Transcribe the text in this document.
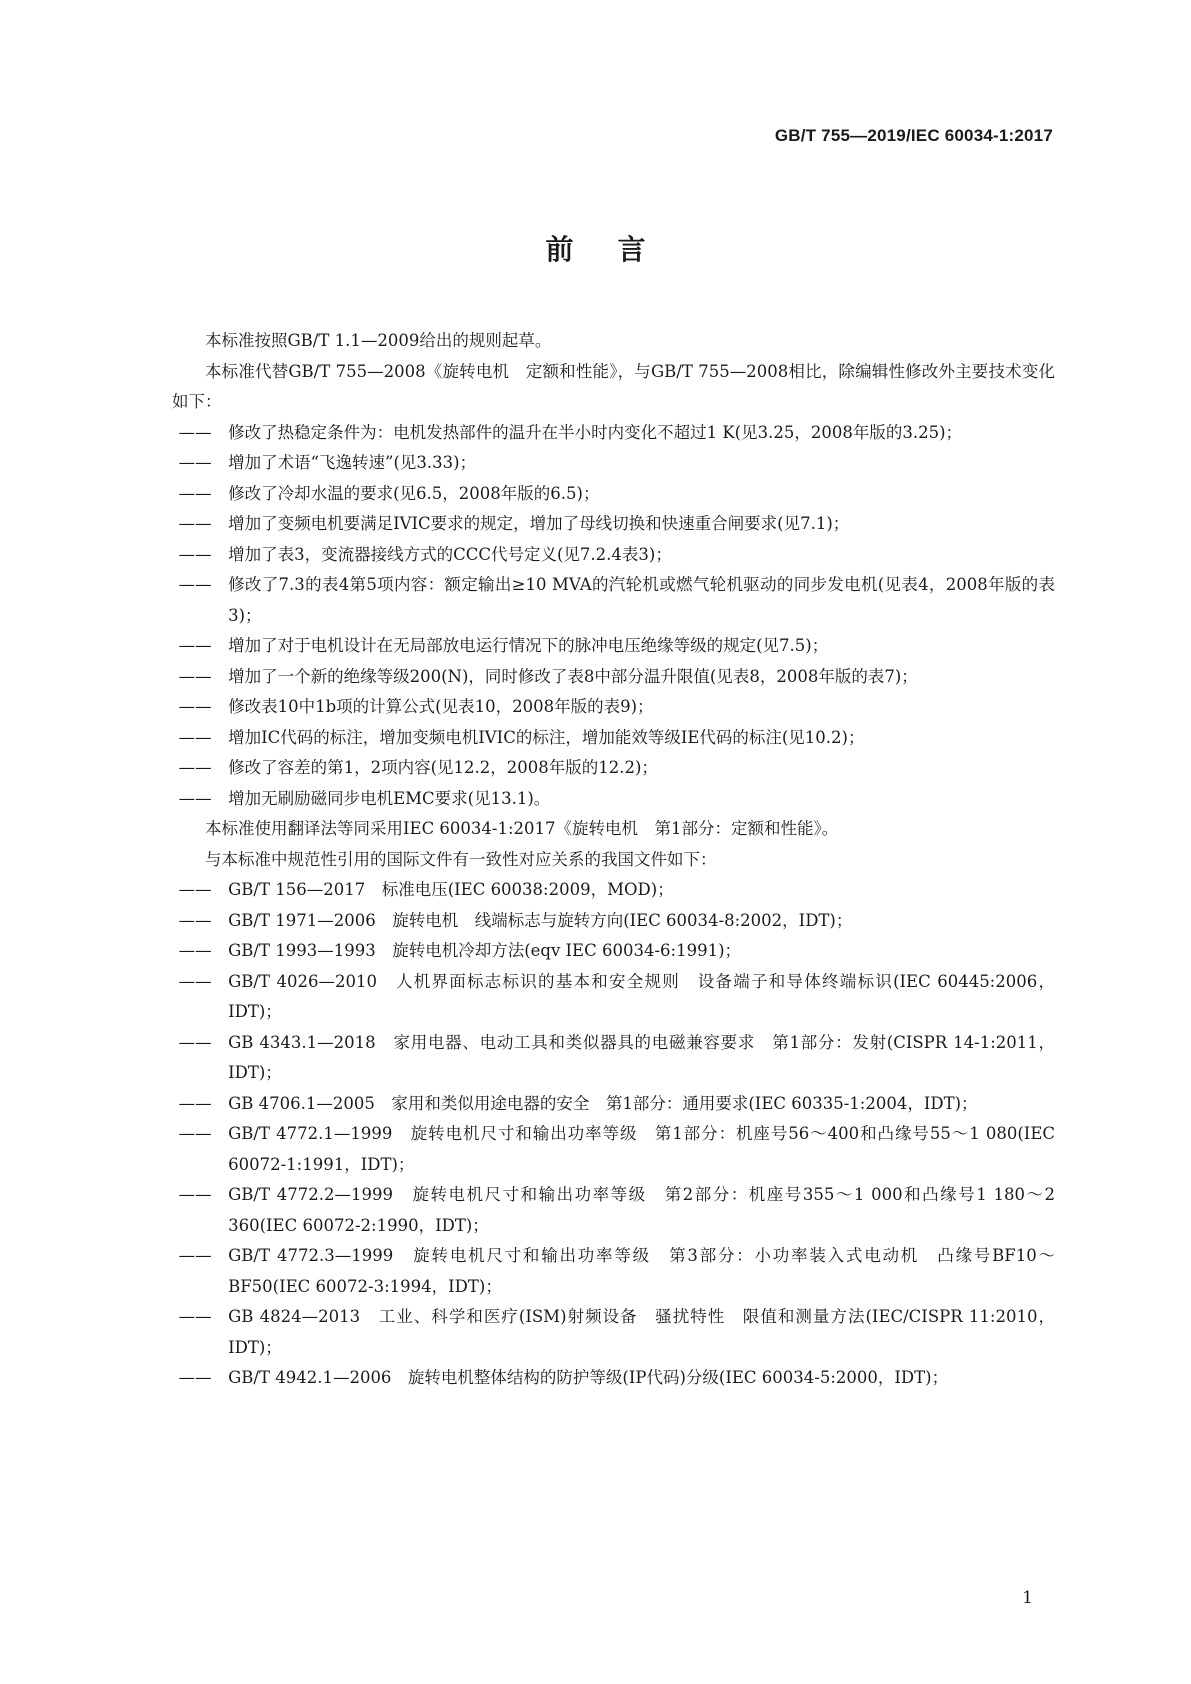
GB/T 755—2019/IEC 60034-1:2017
前言

本标准按照GB/T 1.1—2009给出的规则起草。

本标准代替GB/T 755—2008《旋转电机　定额和性能》，与GB/T 755—2008相比，除编辑性修改外主要技术变化如下：

—— 修改了热稳定条件为：电机发热部件的温升在半小时内变化不超过1 K(见3.25，2008年版的3.25)；

—— 增加了术语“飞逸转速”(见3.33)；

—— 修改了冷却水温的要求(见6.5，2008年版的6.5)；

—— 增加了变频电机要满足IVIC要求的规定，增加了母线切换和快速重合闸要求(见7.1)；

—— 增加了表3，变流器接线方式的CCC代号定义(见7.2.4表3)；

—— 修改了7.3的表4第5项内容：额定输出≥10 MVA的汽轮机或燃气轮机驱动的同步发电机(见表4，2008年版的表3)；

—— 增加了对于电机设计在无局部放电运行情况下的脉冲电压绝缘等级的规定(见7.5)；

—— 增加了一个新的绝缘等级200(N)，同时修改了表8中部分温升限值(见表8，2008年版的表7)；

—— 修改表10中1b项的计算公式(见表10，2008年版的表9)；

—— 增加IC代码的标注，增加变频电机IVIC的标注，增加能效等级IE代码的标注(见10.2)；

—— 修改了容差的第1，2项内容(见12.2，2008年版的12.2)；

—— 增加无刷励磁同步电机EMC要求(见13.1)。

本标准使用翻译法等同采用IEC 60034-1:2017《旋转电机　第1部分：定额和性能》。

与本标准中规范性引用的国际文件有一致性对应关系的我国文件如下：

—— GB/T 156—2017　标准电压(IEC 60038:2009，MOD)；

—— GB/T 1971—2006　旋转电机　线端标志与旋转方向(IEC 60034-8:2002，IDT)；

—— GB/T 1993—1993　旋转电机冷却方法(eqv IEC 60034-6:1991)；

—— GB/T 4026—2010　人机界面标志标识的基本和安全规则　设备端子和导体终端标识(IEC 60445:2006，IDT)；

—— GB 4343.1—2018　家用电器、电动工具和类似器具的电磁兼容要求　第1部分：发射(CISPR 14-1:2011，IDT)；

—— GB 4706.1—2005　家用和类似用途电器的安全　第1部分：通用要求(IEC 60335-1:2004，IDT)；

—— GB/T 4772.1—1999　旋转电机尺寸和输出功率等级　第1部分：机座号56～400和凸缘号55～1 080(IEC 60072-1:1991，IDT)；

—— GB/T 4772.2—1999　旋转电机尺寸和输出功率等级　第2部分：机座号355～1 000和凸缘号1 180～2 360(IEC 60072-2:1990，IDT)；

—— GB/T 4772.3—1999　旋转电机尺寸和输出功率等级　第3部分：小功率装入式电动机　凸缘号BF10～BF50(IEC 60072-3:1994，IDT)；

—— GB 4824—2013　工业、科学和医疗(ISM)射频设备　骚扰特性　限值和测量方法(IEC/CISPR 11:2010，IDT)；

—— GB/T 4942.1—2006　旋转电机整体结构的防护等级(IP代码)分级(IEC 60034-5:2000，IDT)；

1
